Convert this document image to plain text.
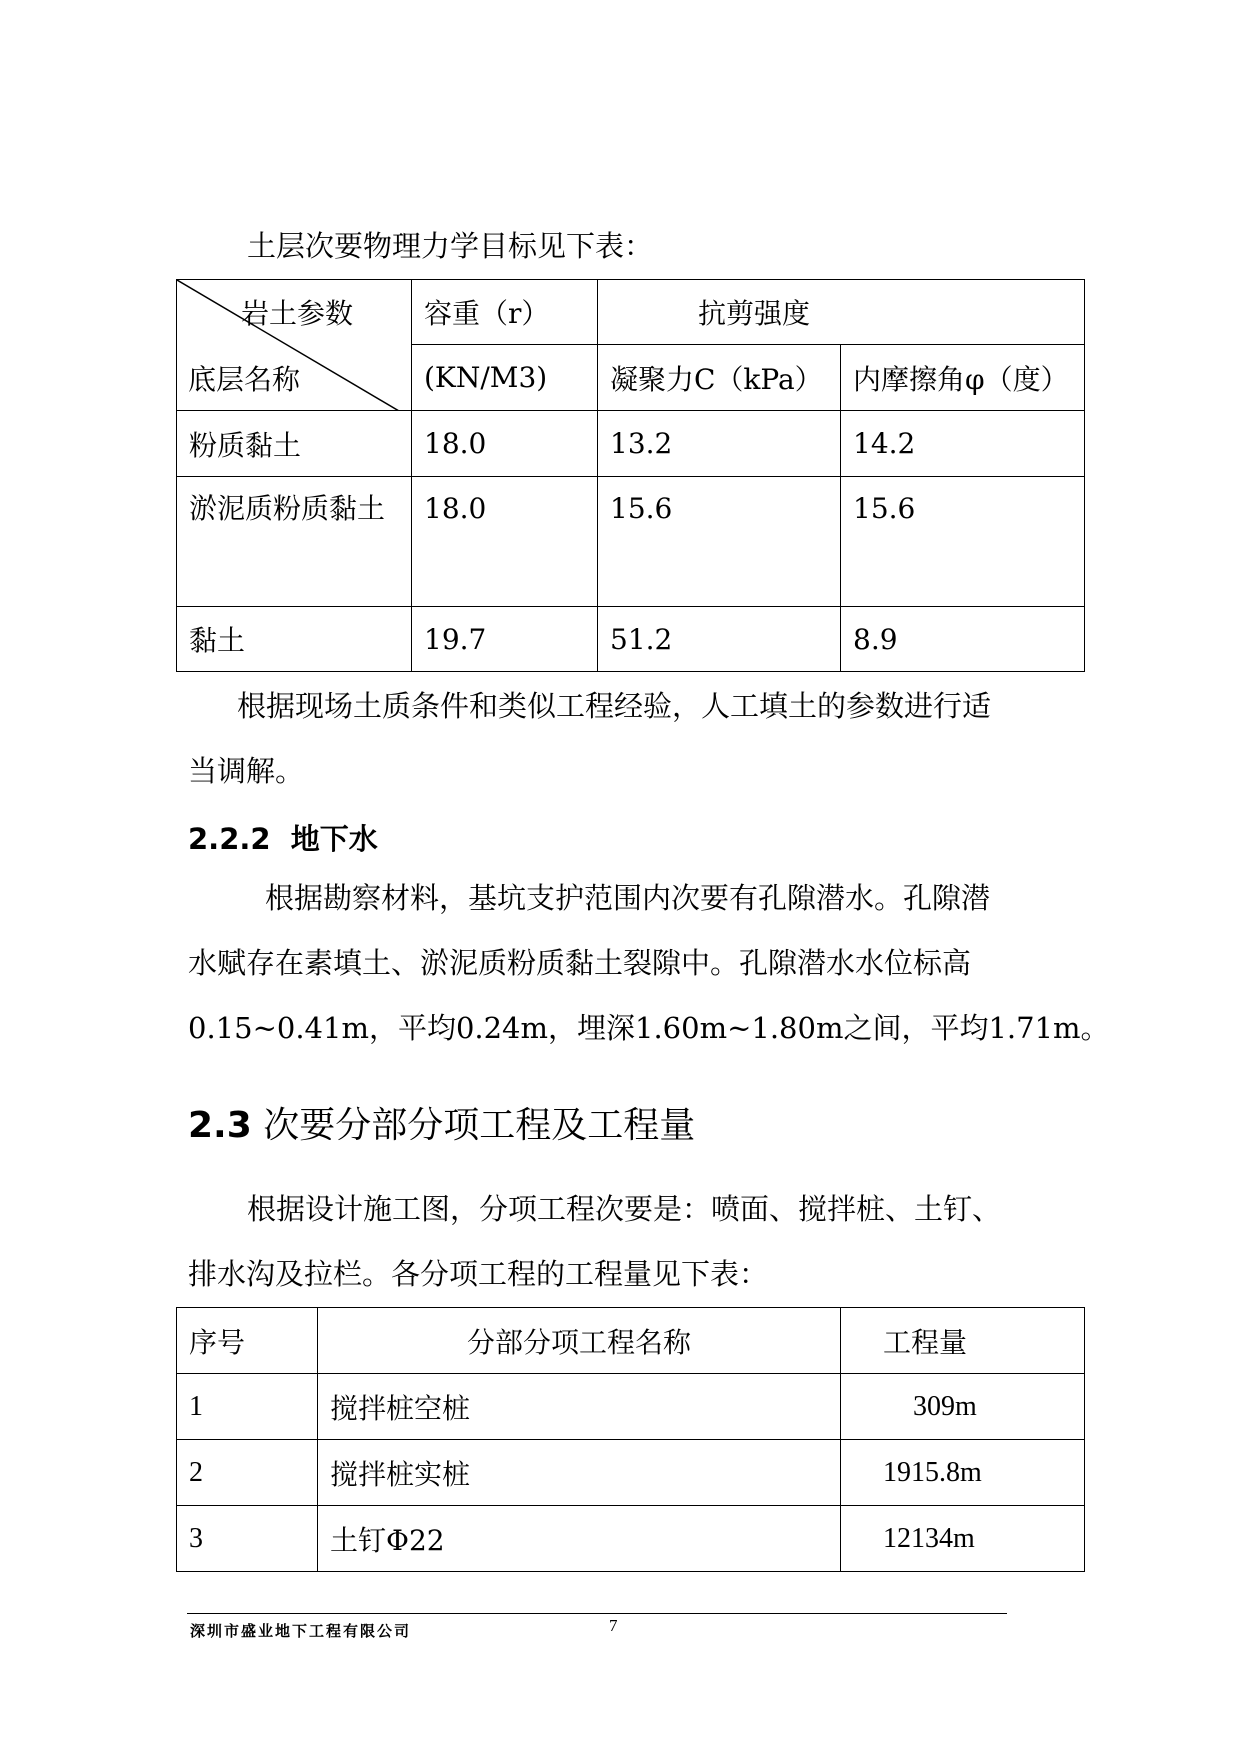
土层次要物理力学目标见下表：
岩土参数
底层名称	容重（r）	抗剪强度	
	(KN/M3)	凝聚力C（kPa）	内摩擦角φ（度）
粉质黏土	18.0	13.2	14.2
淤泥质粉质黏土	18.0	15.6	15.6
黏土	19.7	51.2	8.9
根据现场土质条件和类似工程经验，人工填土的参数进行适
当调解。
2.2.2 地下水
根据勘察材料，基坑支护范围内次要有孔隙潜水。孔隙潜
水赋存在素填土、淤泥质粉质黏土裂隙中。孔隙潜水水位标高
0.15~0.41m，平均0.24m，埋深1.60m~1.80m之间，平均1.71m。
2.3 次要分部分项工程及工程量
根据设计施工图，分项工程次要是：喷面、搅拌桩、土钉、
排水沟及拉栏。各分项工程的工程量见下表：
序号	分部分项工程名称	工程量
1	搅拌桩空桩	309m
2	搅拌桩实桩	1915.8m
3	土钉Φ22	12134m
深圳市盛业地下工程有限公司	7
